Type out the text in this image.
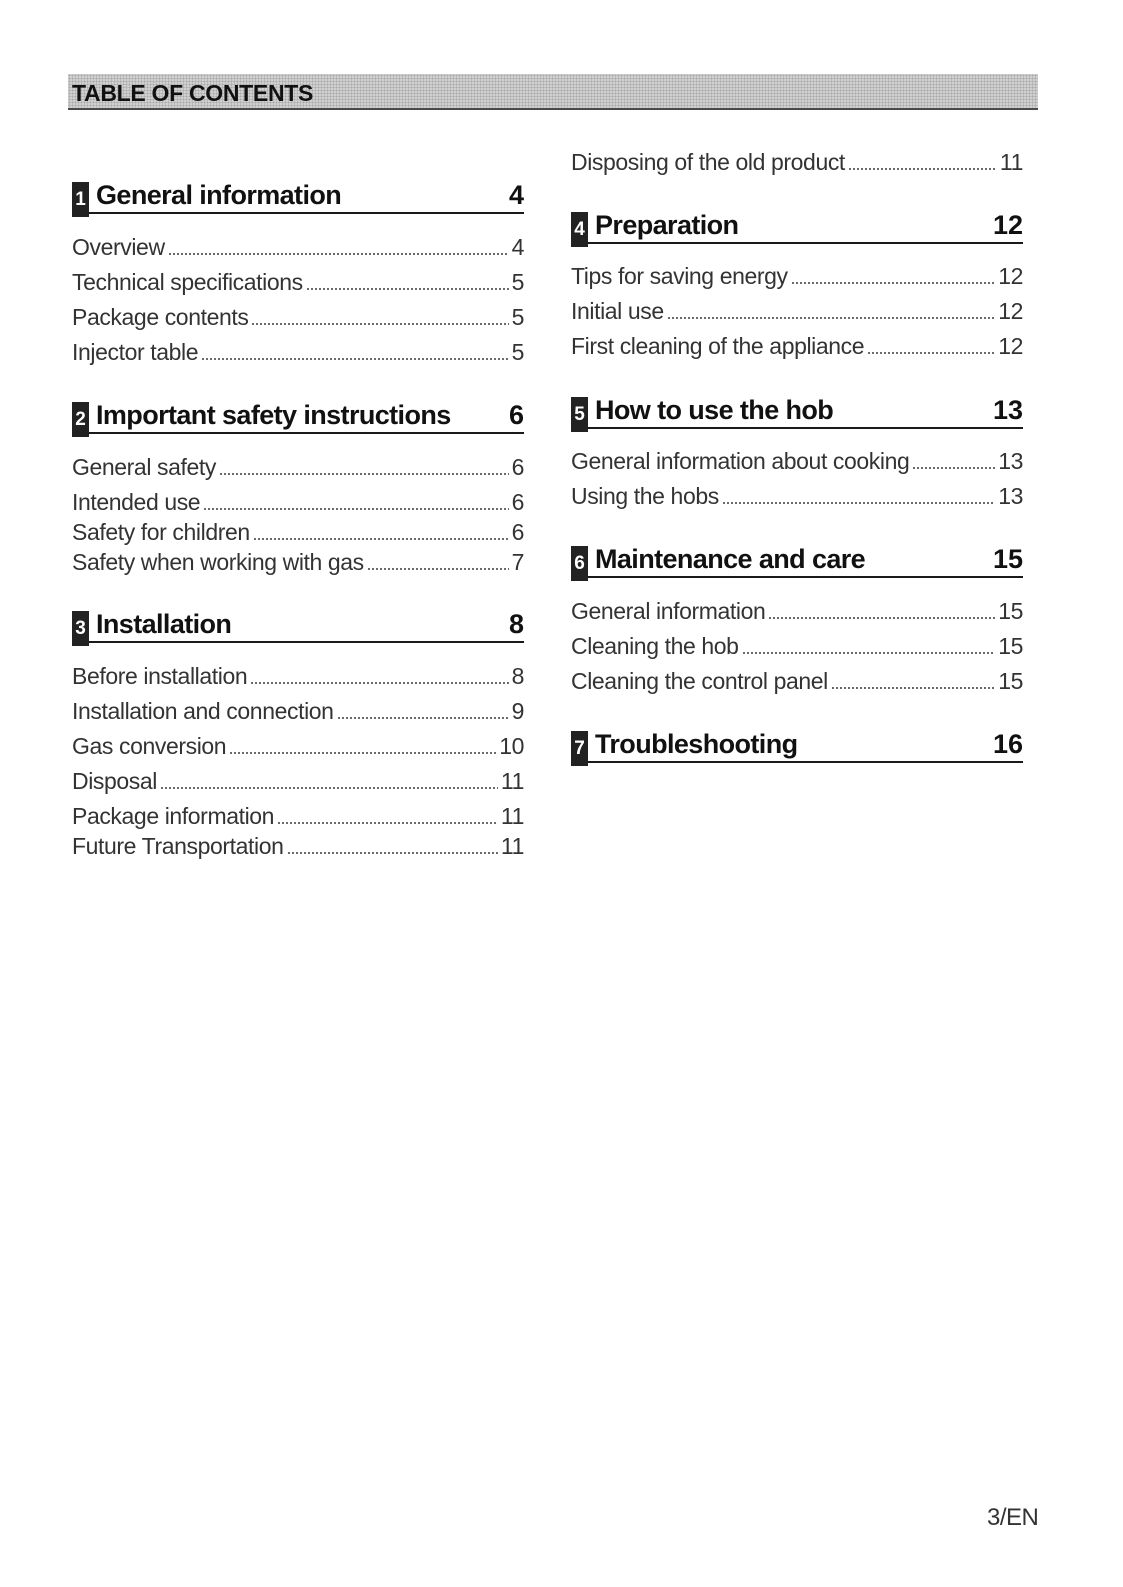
TABLE OF CONTENTS
1 General information	4
Overview	4
Technical specifications	5
Package contents	5
Injector table	5
2 Important safety instructions 6
General safety	6
Intended use	6
Safety for children	6
Safety when working with gas	7
3 Installation	8
Before installation	8
Installation and connection	9
Gas conversion	10
Disposal	11
Package information	11
Future Transportation	11
Disposing of the old product	11
4 Preparation	12
Tips for saving energy	12
Initial use	12
First cleaning of the appliance	12
5 How to use the hob	13
General information about cooking	13
Using the hobs	13
6 Maintenance and care	15
General information	15
Cleaning the hob	15
Cleaning the control panel	15
7 Troubleshooting	16
3/EN
